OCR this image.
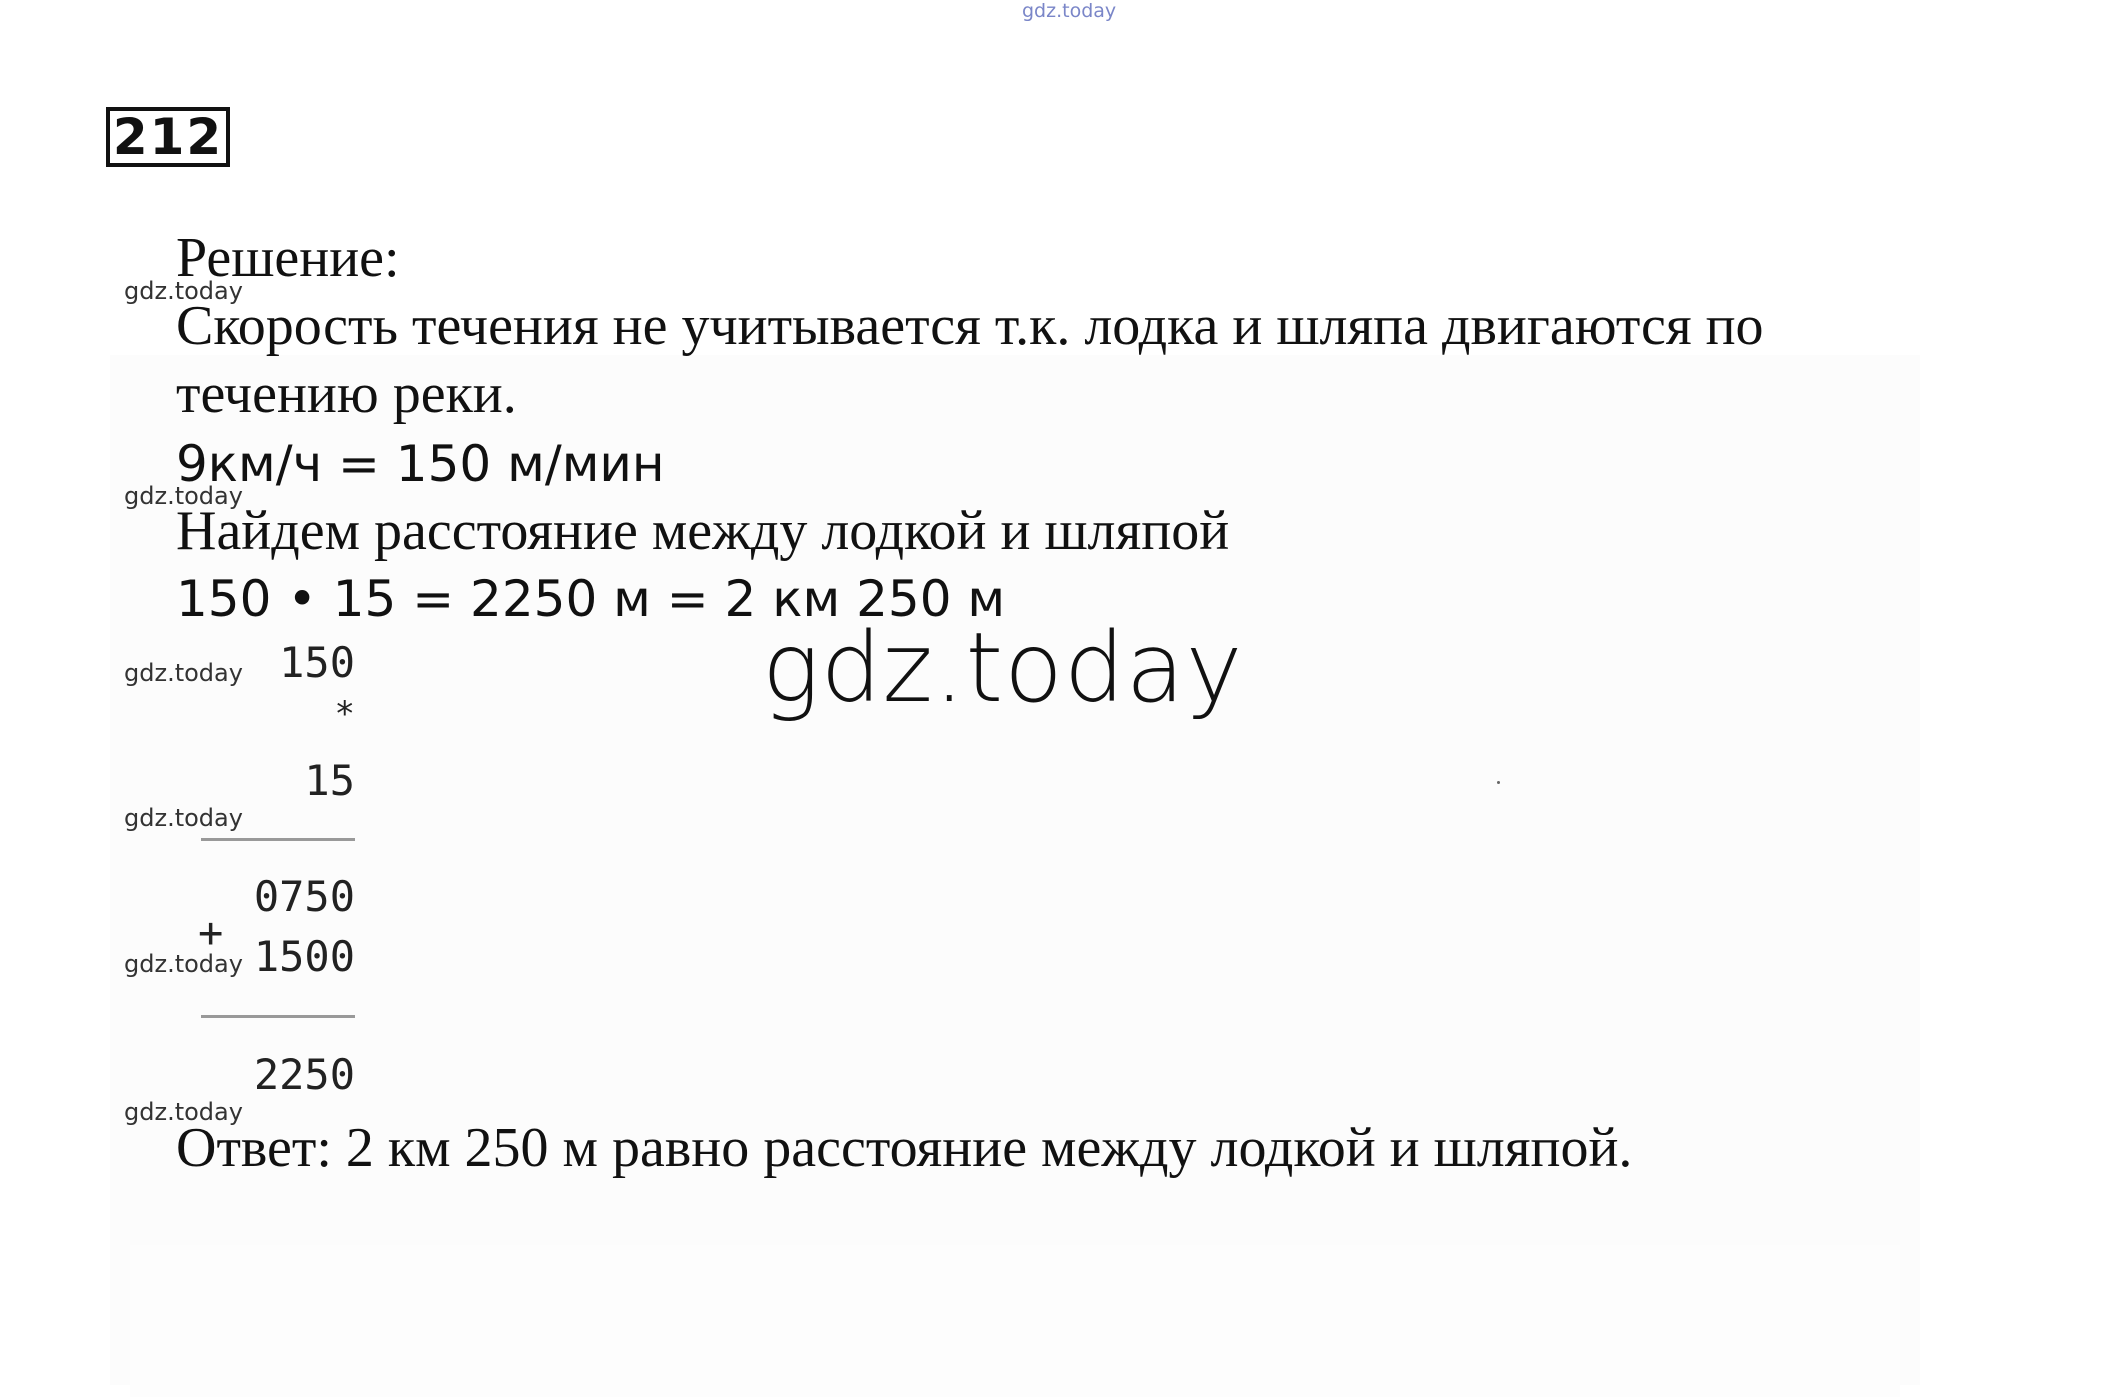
gdz.today
212
Решение:
Скорость течения не учитывается т.к. лодка и шляпа двигаются по
течению реки.
9км/ч = 150 м/мин
Найдем расстояние между лодкой и шляпой
150 • 15 = 2250 м = 2 км 250 м
gdz.today
gdz.today
gdz.today
gdz.today
gdz.today
gdz.today
gdz.today
150
*
15
0750
+ 1500
2250
Ответ: 2 км 250 м равно расстояние между лодкой и шляпой.
